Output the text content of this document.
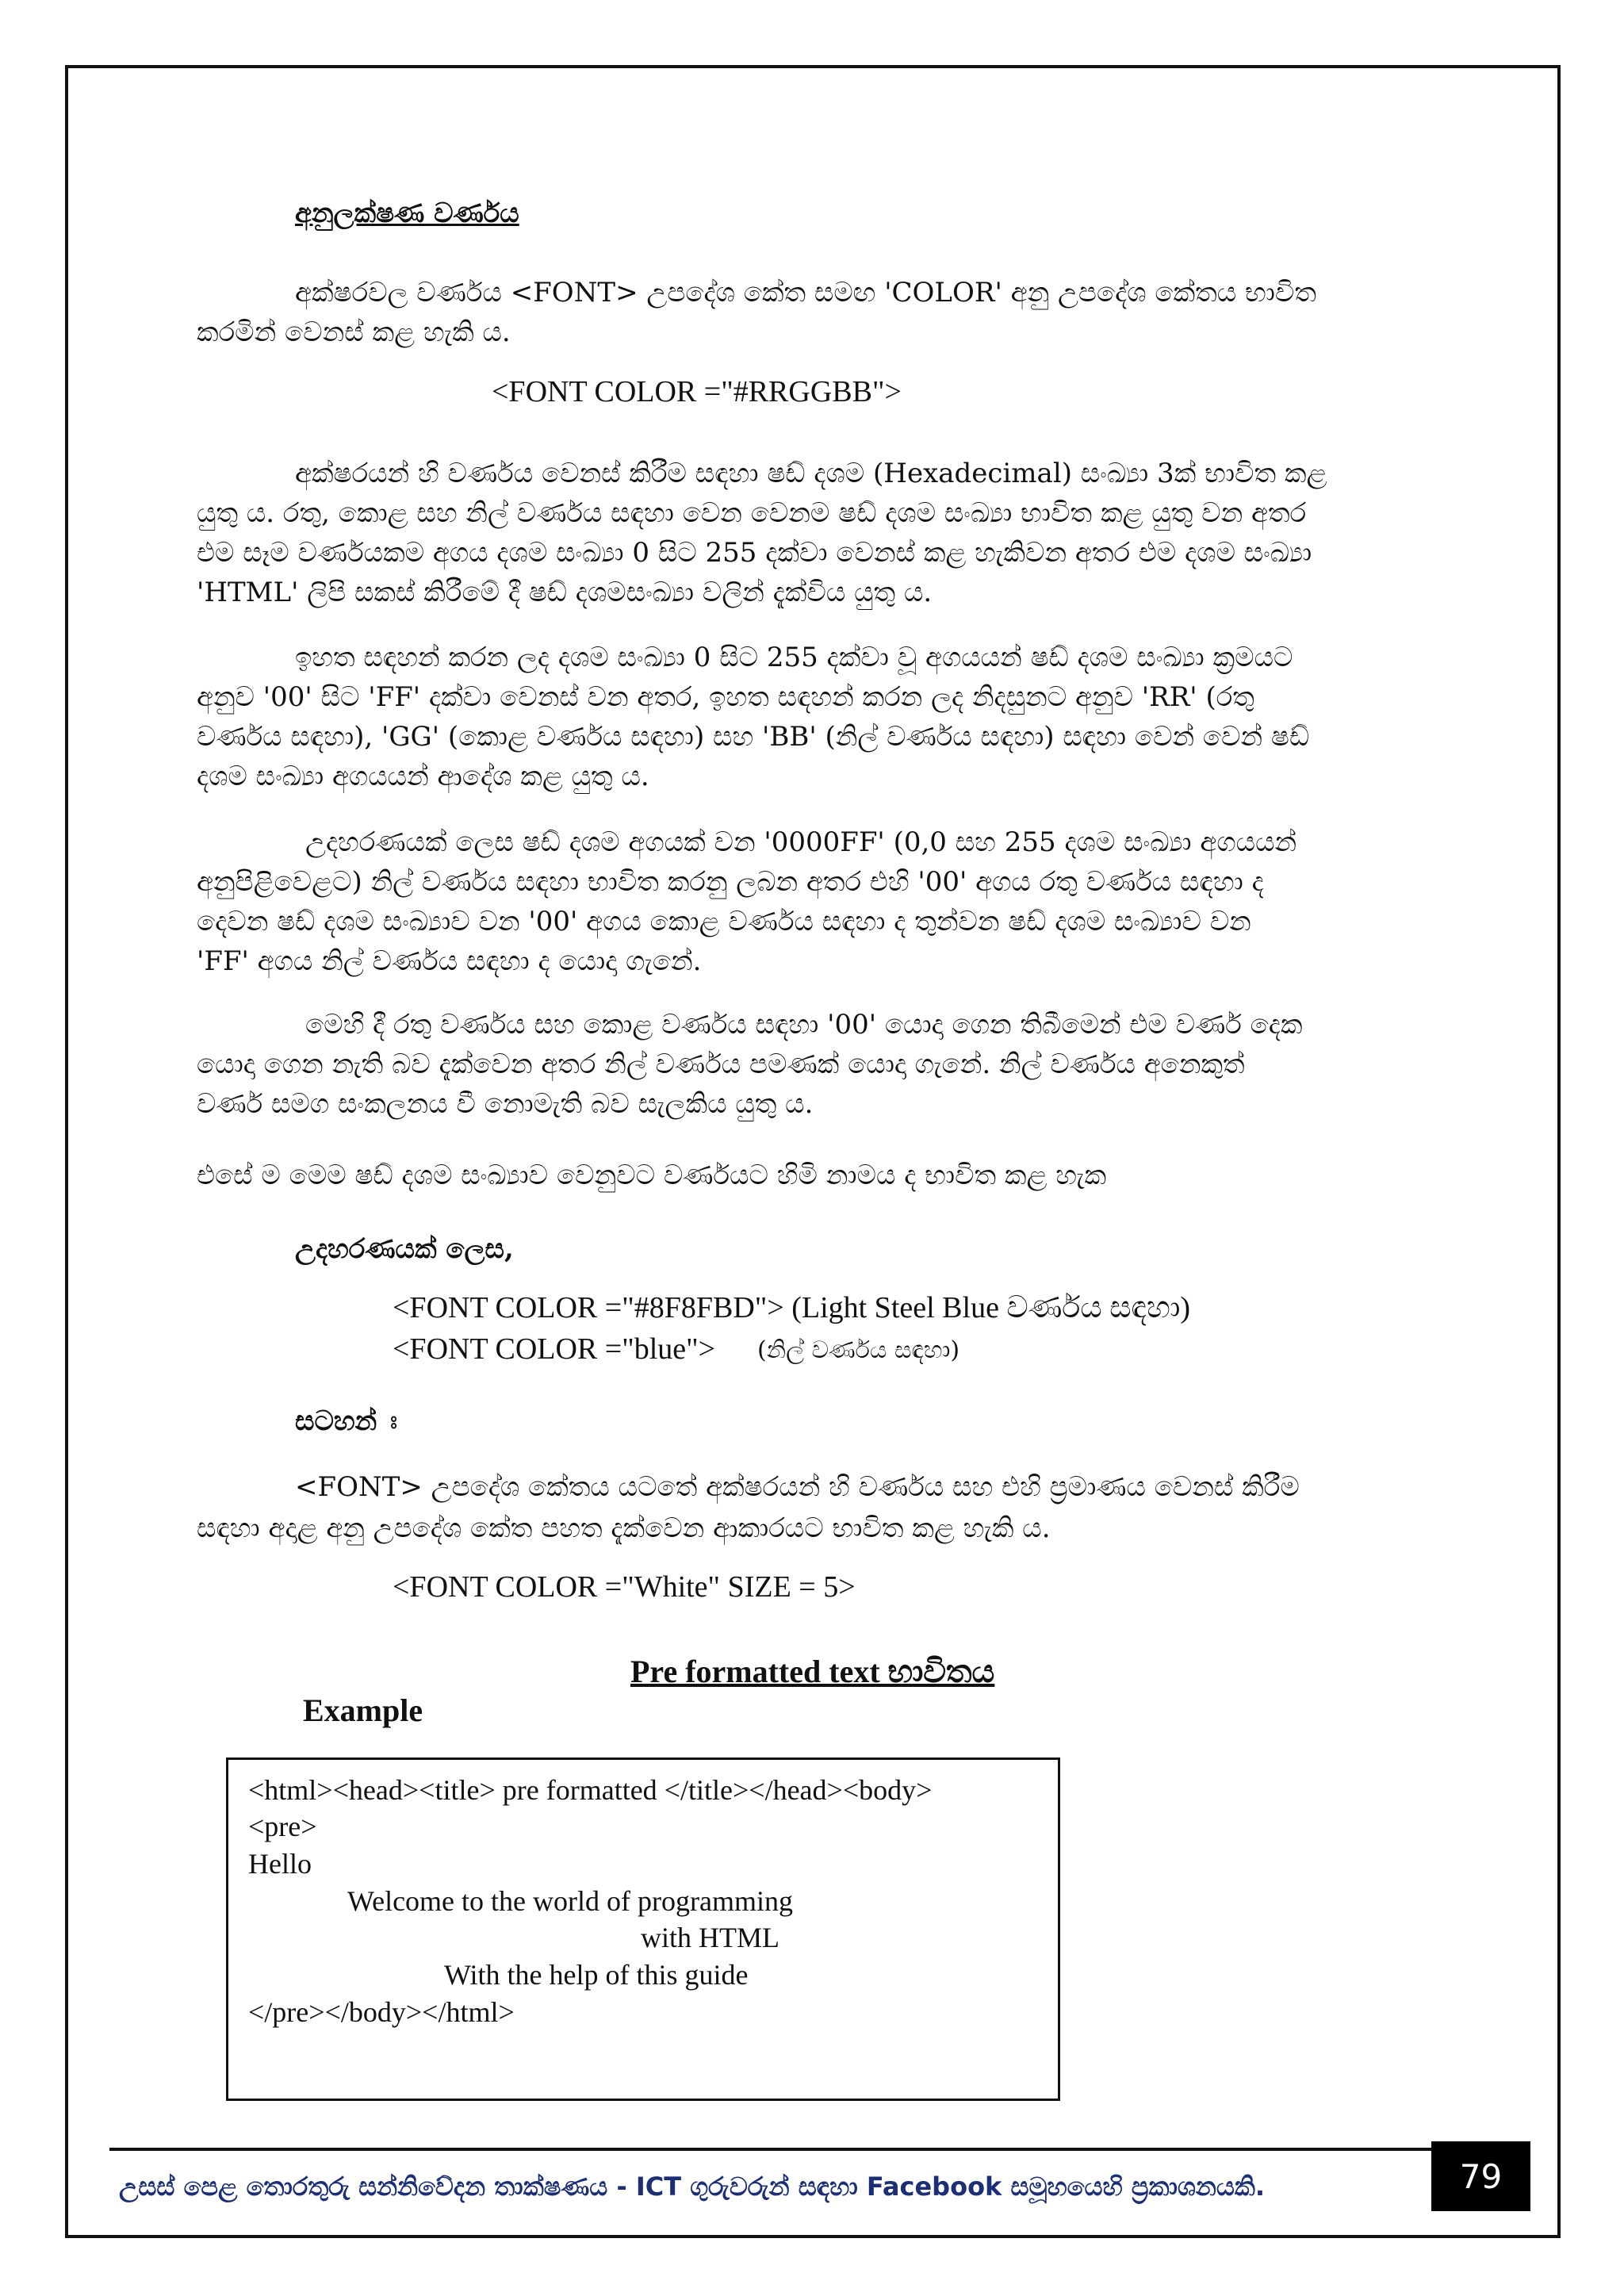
අනුලක්ෂණ වර්ණය
අක්ෂරවල වර්ණය <FONT> උපදේශ කේත සමඟ 'COLOR' අනු උපදේශ කේතය භාවිත
කරමින් වෙනස් කළ හැකි ය.
<FONT COLOR ="#RRGGBB">
අක්ෂරයන් හි වර්ණය වෙනස් කිරීම සඳහා ෂඩ් දශම (Hexadecimal) සංඛ්‍යා 3ක් භාවිත කළ
යුතු ය. රතු, කොළ සහ නිල් වර්ණය සඳහා වෙන වෙනම ෂඩ් දශම සංඛ්‍යා භාවිත කළ යුතු වන අතර
එම සෑම වර්ණයකම අගය දශම සංඛ්‍යා 0 සිට 255 දක්වා වෙනස් කළ හැකිවන අතර එම දශම සංඛ්‍යා
'HTML' ලිපි සකස් කිරීමේ දී ෂඩ් දශමසංඛ්‍යා වලින් දැක්විය යුතු ය.
ඉහත සඳහන් කරන ලද දශම සංඛ්‍යා 0 සිට 255 දක්වා වූ අගයයන් ෂඩ් දශම සංඛ්‍යා ක්‍රමයට
අනුව '00' සිට 'FF' දක්වා වෙනස් වන අතර, ඉහත සඳහන් කරන ලද නිදසුනට අනුව 'RR' (රතු
වර්ණය සඳහා), 'GG' (කොළ වර්ණය සඳහා) සහ 'BB' (නිල් වර්ණය සඳහා) සඳහා වෙන් වෙන් ෂඩ්
දශම සංඛ්‍යා අගයයන් ආදේශ කළ යුතු ය.
උදහරණයක් ලෙස ෂඩ් දශම අගයක් වන '0000FF' (0,0 සහ 255 දශම සංඛ්‍යා අගයයන්
අනුපිළිවෙළට) නිල් වර්ණය සඳහා භාවිත කරනු ලබන අතර එහි '00' අගය රතු වර්ණය සඳහා ද
දෙවන ෂඩ් දශම සංඛ්‍යාව වන '00' අගය කොළ වර්ණය සඳහා ද තුන්වන ෂඩ් දශම සංඛ්‍යාව වන
'FF' අගය නිල් වර්ණය සඳහා ද යොදා ගැනේ.
මෙහි දී රතු වර්ණය සහ කොළ වර්ණය සඳහා '00' යොදා ගෙන තිබීමෙන් එම වර්ණ දෙක
යොදා ගෙන නැති බව දැක්වෙන අතර නිල් වර්ණය පමණක් යොදා ගැනේ. නිල් වර්ණය අනෙකුත්
වර්ණ සමග සංකලනය වී නොමැති බව සැලකිය යුතු ය.
එසේ ම මෙම ෂඩ් දශම සංඛ්‍යාව වෙනුවට වර්ණයට හිමි නාමය ද භාවිත කළ හැක
උදහරණයක් ලෙස,
<FONT COLOR ="#8F8FBD"> (Light Steel Blue වර්ණය සඳහා)
<FONT COLOR ="blue"> (නිල් වර්ණය සඳහා)
සටහන් ඃ
<FONT> උපදේශ කේතය යටතේ අක්ෂරයන් හි වර්ණය සහ එහි ප්‍රමාණය වෙනස් කිරීම
සඳහා අදාළ අනු උපදේශ කේත පහත දැක්වෙන ආකාරයට භාවිත කළ හැකි ය.
<FONT COLOR ="White" SIZE = 5>
Pre formatted text භාවිතය
Example
<html><head><title> pre formatted </title></head><body>
<pre>
Hello
Welcome to the world of programming
with HTML
With the help of this guide
</pre></body></html>
උසස් පෙළ තොරතුරු සන්නිවේදන තාක්ෂණය - ICT ගුරුවරුන් සඳහා Facebook සමූහයෙහි ප්‍රකාශනයකි.	79
